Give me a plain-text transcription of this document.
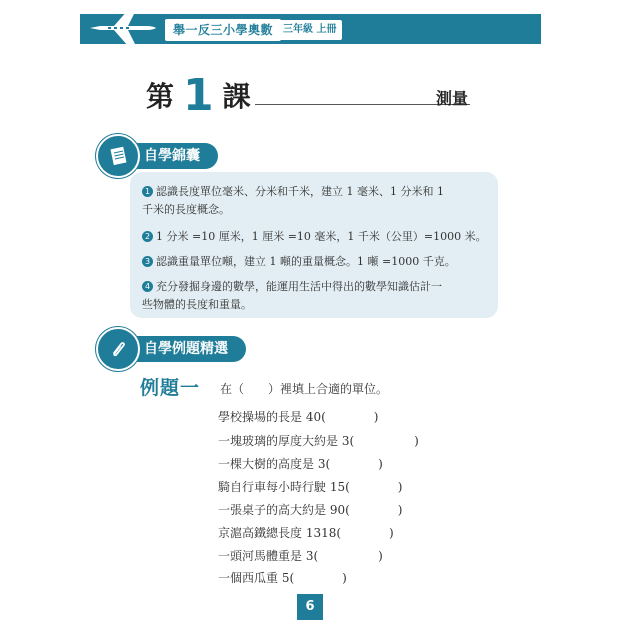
舉一反三小學奧數 三年級 上冊
第 1 課	測量
自學錦囊
1 認識長度單位毫米、分米和千米，建立 1 毫米、1 分米和 1
千米的長度概念。
2 1 分米 =10 厘米，1 厘米 =10 毫米，1 千米（公里）=1000 米。
3 認識重量單位噸，建立 1 噸的重量概念。1 噸 =1000 千克。
4 充分發掘身邊的數學，能運用生活中得出的數學知識估計一
些物體的長度和重量。
自學例題精選
例題一 在（　　）裡填上合適的單位。
學校操場的長是 40(　　　　)
一塊玻璃的厚度大約是 3(　　　　　)
一棵大樹的高度是 3(　　　　)
騎自行車每小時行駛 15(　　　　)
一張桌子的高大約是 90(　　　　)
京滬高鐵總長度 1318(　　　　)
一頭河馬體重是 3(　　　　　)
一個西瓜重 5(　　　　)
6
